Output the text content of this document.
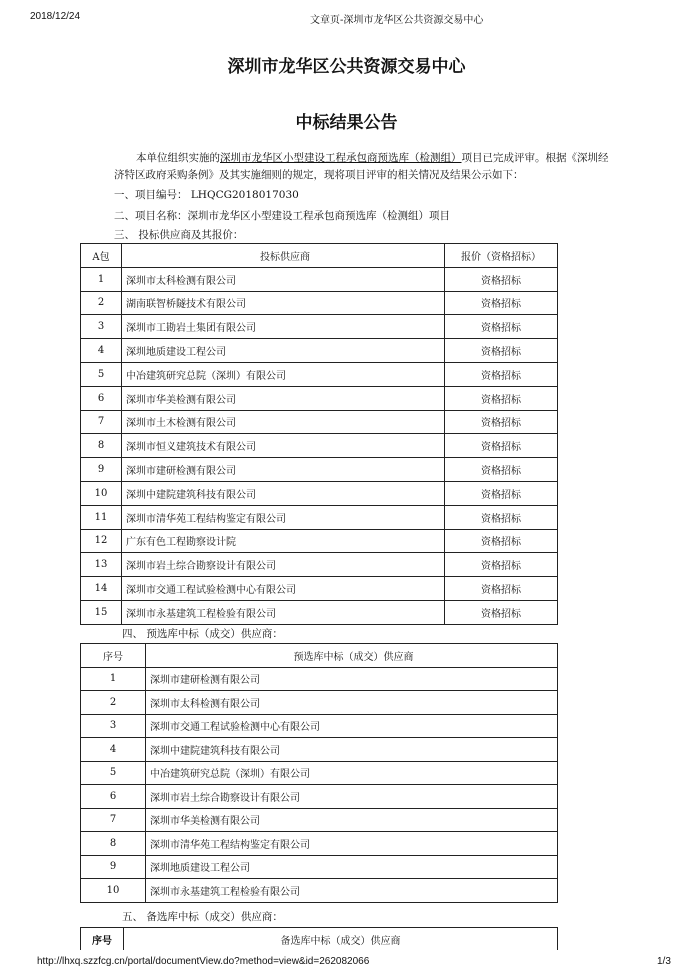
2018/12/24	文章页-深圳市龙华区公共资源交易中心
深圳市龙华区公共资源交易中心
中标结果公告
本单位组织实施的深圳市龙华区小型建设工程承包商预选库（检测组）项目已完成评审。根据《深圳经济特区政府采购条例》及其实施细则的规定，现将项目评审的相关情况及结果公示如下：
一、项目编号： LHQCG2018017030
二、项目名称：深圳市龙华区小型建设工程承包商预选库（检测组）项目
三、 投标供应商及其报价：
A包	投标供应商	报价（资格招标）
1	深圳市太科检测有限公司	资格招标
2	湖南联智桥隧技术有限公司	资格招标
3	深圳市工勘岩土集团有限公司	资格招标
4	深圳地质建设工程公司	资格招标
5	中冶建筑研究总院（深圳）有限公司	资格招标
6	深圳市华美检测有限公司	资格招标
7	深圳市土木检测有限公司	资格招标
8	深圳市恒义建筑技术有限公司	资格招标
9	深圳市建研检测有限公司	资格招标
10	深圳中建院建筑科技有限公司	资格招标
11	深圳市清华苑工程结构鉴定有限公司	资格招标
12	广东有色工程勘察设计院	资格招标
13	深圳市岩土综合勘察设计有限公司	资格招标
14	深圳市交通工程试验检测中心有限公司	资格招标
15	深圳市永基建筑工程检验有限公司	资格招标
四、 预选库中标（成交）供应商：
序号	预选库中标（成交）供应商
1	深圳市建研检测有限公司
2	深圳市太科检测有限公司
3	深圳市交通工程试验检测中心有限公司
4	深圳中建院建筑科技有限公司
5	中冶建筑研究总院（深圳）有限公司
6	深圳市岩土综合勘察设计有限公司
7	深圳市华美检测有限公司
8	深圳市清华苑工程结构鉴定有限公司
9	深圳地质建设工程公司
10	深圳市永基建筑工程检验有限公司
五、 备选库中标（成交）供应商：
序号	备选库中标（成交）供应商
http://lhxq.szzfcg.cn/portal/documentView.do?method=view&id=262082066	1/3
